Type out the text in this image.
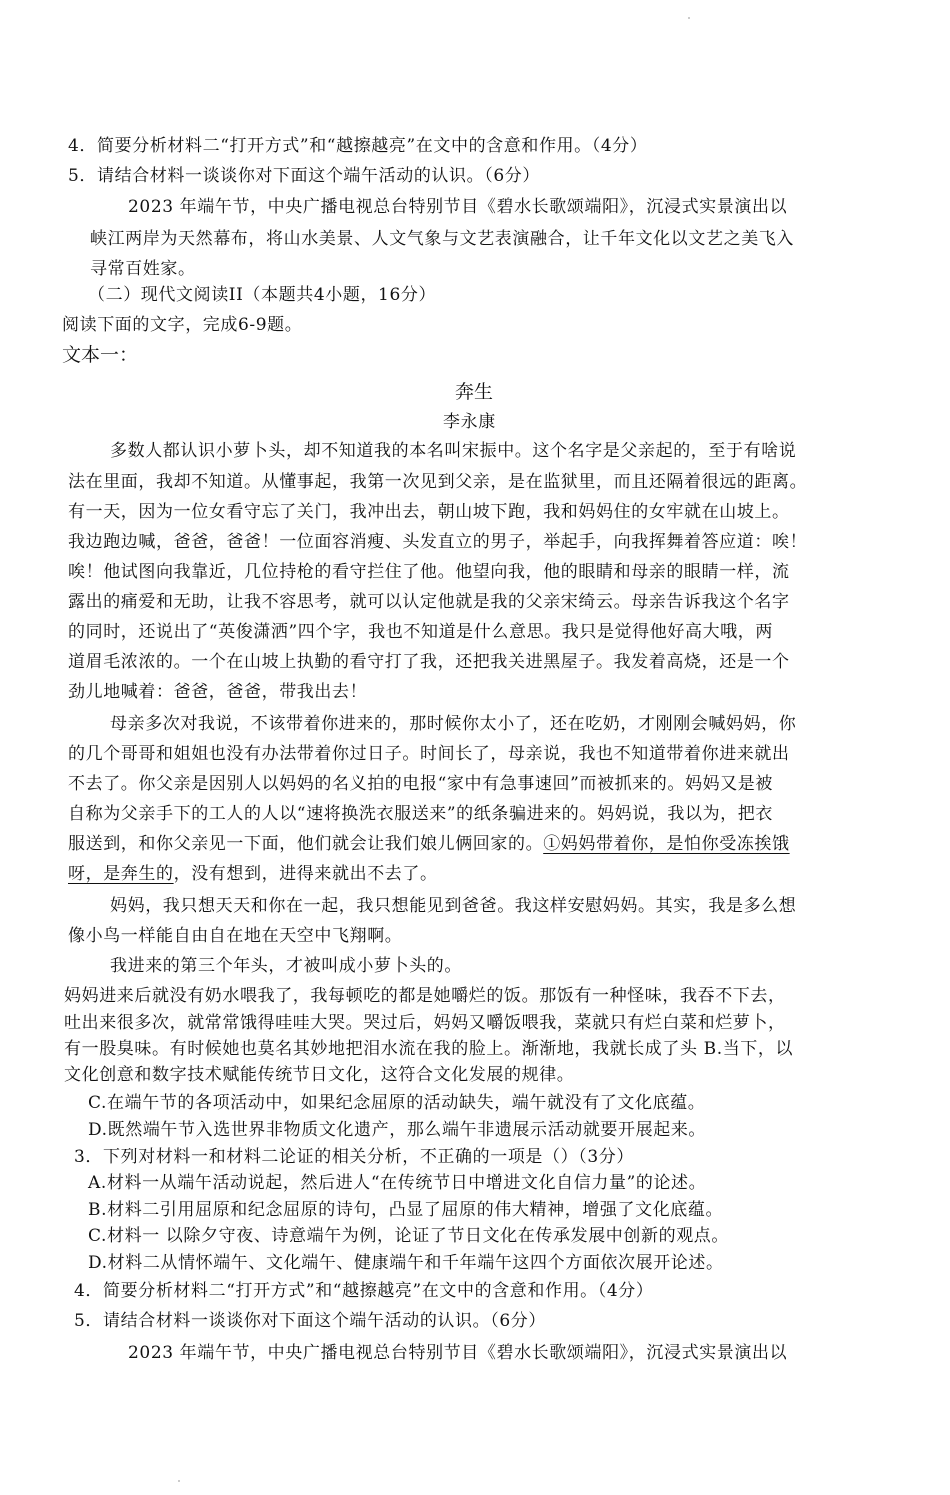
4．简要分析材料二“打开方式”和“越擦越亮”在文中的含意和作用。（4分）
5．请结合材料一谈谈你对下面这个端午活动的认识。（6分）
2023 年端午节，中央广播电视总台特别节目《碧水长歌颂端阳》，沉浸式实景演出以
峡江两岸为天然幕布，将山水美景、人文气象与文艺表演融合，让千年文化以文艺之美飞入
寻常百姓家。
（二）现代文阅读II（本题共4小题，16分）
阅读下面的文字，完成6-9题。
文本一：
奔生
李永康
多数人都认识小萝卜头，却不知道我的本名叫宋振中。这个名字是父亲起的，至于有啥说
法在里面，我却不知道。从懂事起，我第一次见到父亲，是在监狱里，而且还隔着很远的距离。
有一天，因为一位女看守忘了关门，我冲出去，朝山坡下跑，我和妈妈住的女牢就在山坡上。
我边跑边喊，爸爸，爸爸！一位面容消瘦、头发直立的男子，举起手，向我挥舞着答应道：唉！
唉！他试图向我靠近，几位持枪的看守拦住了他。他望向我，他的眼睛和母亲的眼睛一样，流
露出的痛爱和无助，让我不容思考，就可以认定他就是我的父亲宋绮云。母亲告诉我这个名字
的同时，还说出了“英俊潇洒”四个字，我也不知道是什么意思。我只是觉得他好高大哦，两
道眉毛浓浓的。一个在山坡上执勤的看守打了我，还把我关进黑屋子。我发着高烧，还是一个
劲儿地喊着：爸爸，爸爸，带我出去！
母亲多次对我说，不该带着你进来的，那时候你太小了，还在吃奶，才刚刚会喊妈妈，你
的几个哥哥和姐姐也没有办法带着你过日子。时间长了，母亲说，我也不知道带着你进来就出
不去了。你父亲是因别人以妈妈的名义拍的电报“家中有急事速回”而被抓来的。妈妈又是被
自称为父亲手下的工人的人以“速将换洗衣服送来”的纸条骗进来的。妈妈说，我以为，把衣
服送到，和你父亲见一下面，他们就会让我们娘儿俩回家的。①妈妈带着你，是怕你受冻挨饿
呀，是奔生的，没有想到，进得来就出不去了。
妈妈，我只想天天和你在一起，我只想能见到爸爸。我这样安慰妈妈。其实，我是多么想
像小鸟一样能自由自在地在天空中飞翔啊。
我进来的第三个年头，才被叫成小萝卜头的。
妈妈进来后就没有奶水喂我了，我每顿吃的都是她嚼烂的饭。那饭有一种怪味，我吞不下去，
吐出来很多次，就常常饿得哇哇大哭。哭过后，妈妈又嚼饭喂我，菜就只有烂白菜和烂萝卜，
有一股臭味。有时候她也莫名其妙地把泪水流在我的脸上。渐渐地，我就长成了头 B.当下，以
文化创意和数字技术赋能传统节日文化，这符合文化发展的规律。
C.在端午节的各项活动中，如果纪念屈原的活动缺失，端午就没有了文化底蕴。
D.既然端午节入选世界非物质文化遗产，那么端午非遗展示活动就要开展起来。
3．下列对材料一和材料二论证的相关分析，不正确的一项是（）（3分）
A.材料一从端午活动说起，然后进人“在传统节日中增进文化自信力量”的论述。
B.材料二引用屈原和纪念屈原的诗句，凸显了屈原的伟大精神，增强了文化底蕴。
C.材料一 以除夕守夜、诗意端午为例，论证了节日文化在传承发展中创新的观点。
D.材料二从情怀端午、文化端午、健康端午和千年端午这四个方面依次展开论述。
4．简要分析材料二“打开方式”和“越擦越亮”在文中的含意和作用。（4分）
5．请结合材料一谈谈你对下面这个端午活动的认识。（6分）
2023 年端午节，中央广播电视总台特别节目《碧水长歌颂端阳》，沉浸式实景演出以
